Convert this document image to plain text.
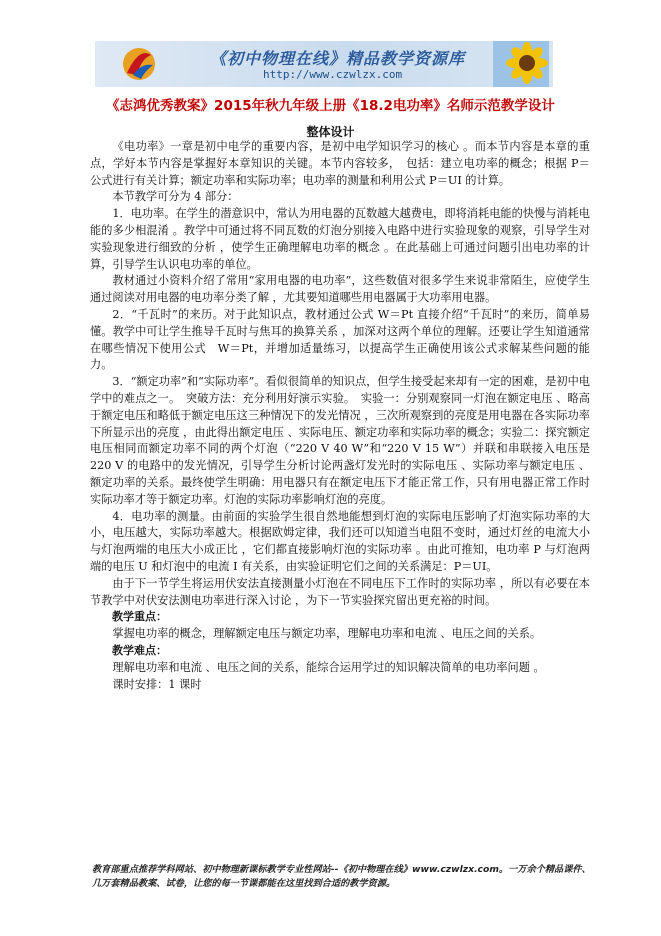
《初中物理在线》精品教学资源库
http://www.czwlzx.com
《志鸿优秀教案》2015年秋九年级上册《18.2电功率》名师示范教学设计
整体设计

《电功率》一章是初中电学的重要内容，是初中电学知识学习的核心 。而本节内容是本章的重点，学好本节内容是掌握好本章知识的关键。本节内容较多，　包括：建立电功率的概念；根据 P＝　公式进行有关计算；额定功率和实际功率；电功率的测量和利用公式 P＝UI 的计算。

本节教学可分为 4 部分：

1．电功率。在学生的潜意识中，常认为用电器的瓦数越大越费电，即将消耗电能的快慢与消耗电能的多少相混淆 。教学中可通过将不同瓦数的灯泡分别接入电路中进行实验现象的观察，引导学生对实验现象进行细致的分析 ，使学生正确理解电功率的概念 。在此基础上可通过问题引出电功率的计算，引导学生认识电功率的单位。

教材通过小资料介绍了常用“家用电器的电功率”，这些数值对很多学生来说非常陌生，应使学生通过阅读对用电器的电功率分类了解 ，尤其要知道哪些用电器属于大功率用电器。

2．“千瓦时”的来历。对于此知识点，教材通过公式 W＝Pt 直接介绍“千瓦时”的来历，简单易懂。教学中可让学生推导千瓦时与焦耳的换算关系 ，加深对这两个单位的理解。还要让学生知道通常在哪些情况下使用公式　W＝Pt，并增加适量练习，以提高学生正确使用该公式求解某些问题的能力。

3．“额定功率”和“实际功率”。看似很简单的知识点，但学生接受起来却有一定的困难，是初中电学中的难点之一。　突破方法：充分利用好演示实验。　实验一：分别观察同一灯泡在额定电压 、略高于额定电压和略低于额定电压这三种情况下的发光情况 ，三次所观察到的亮度是用电器在各实际功率下所显示出的亮度 ，由此得出额定电压 、实际电压、额定功率和实际功率的概念；实验二：探究额定电压相同而额定功率不同的两个灯泡（“220 V 40 W”和“220 V 15 W”）并联和串联接入电压是 220 V 的电路中的发光情况，引导学生分析讨论两盏灯发光时的实际电压 、实际功率与额定电压 、额定功率的关系。最终使学生明确：用电器只有在额定电压下才能正常工作，只有用电器正常工作时实际功率才等于额定功率。灯泡的实际功率影响灯泡的亮度。

4．电功率的测量。由前面的实验学生很自然地能想到灯泡的实际电压影响了灯泡实际功率的大小，电压越大，实际功率越大。根据欧姆定律，我们还可以知道当电阻不变时，通过灯丝的电流大小与灯泡两端的电压大小成正比 ，它们都直接影响灯泡的实际功率 。由此可推知，电功率 P 与灯泡两端的电压 U 和灯泡中的电流 I 有关系，由实验证明它们之间的关系满足：P＝UI。

由于下一节学生将运用伏安法直接测量小灯泡在不同电压下工作时的实际功率 ，所以有必要在本节教学中对伏安法测电功率进行深入讨论 ，为下一节实验探究留出更充裕的时间。

教学重点：

掌握电功率的概念，理解额定电压与额定功率，理解电功率和电流 、电压之间的关系。

教学难点：

理解电功率和电流 、电压之间的关系，能综合运用学过的知识解决简单的电功率问题 。

课时安排：1 课时

教育部重点推荐学科网站、初中物理新课标教学专业性网站--《初中物理在线》www.czwlzx.com。一万余个精品课件、几万套精品教案、试卷，让您的每一节课都能在这里找到合适的教学资源。
